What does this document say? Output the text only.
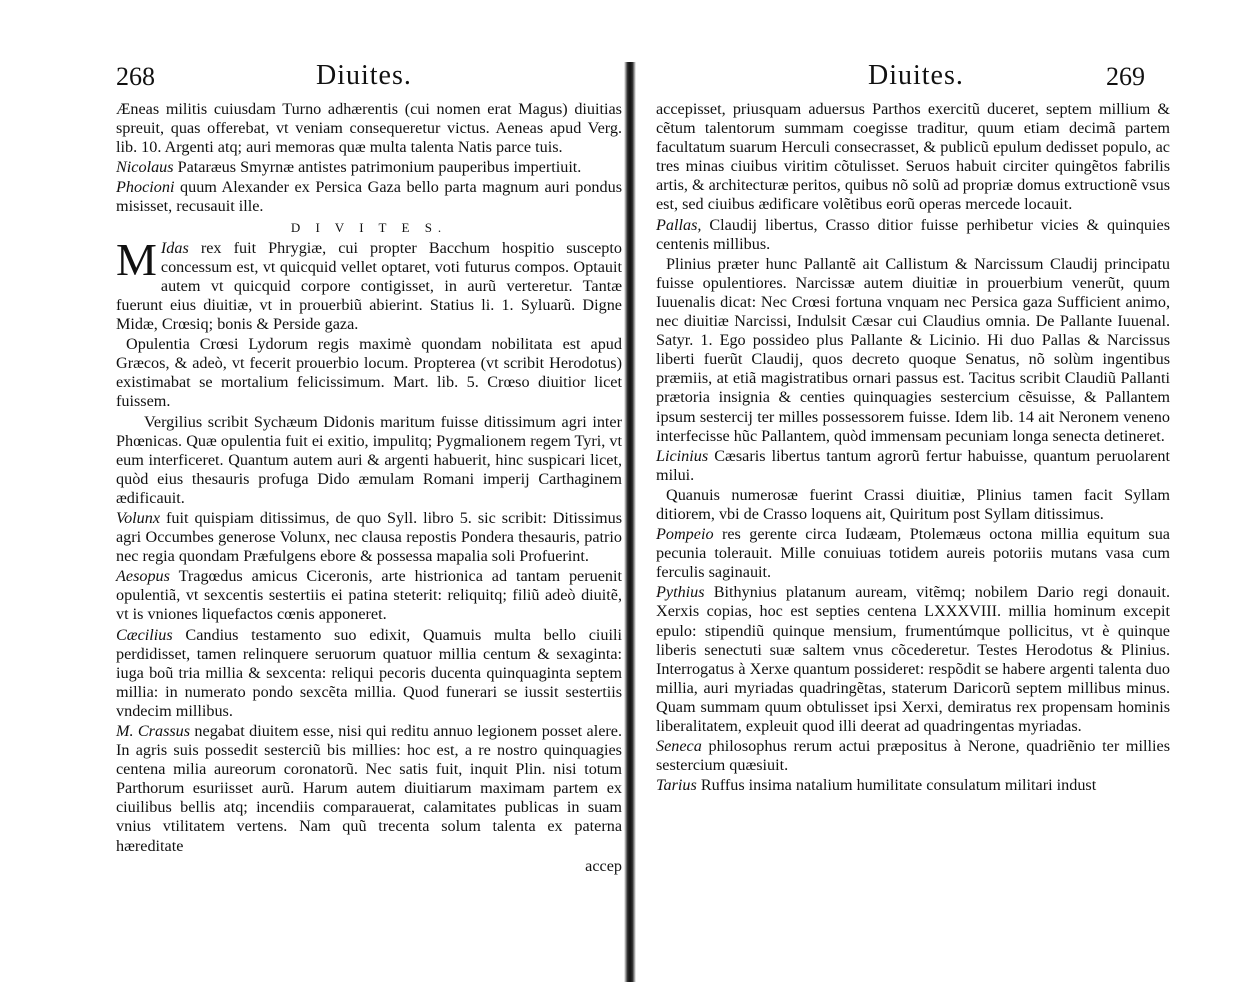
268	Diuites.

Æneas militis cuiusdam Turno adhærentis (cui nomen erat Magus) diuitias spreuit, quas offerebat, vt veniam consequeretur victus. Aeneas apud Verg. lib. 10. Argenti atq; auri memoras quæ multa talenta Natis parce tuis.

Nicolaus Pataræus Smyrnæ antistes patrimonium pauperibus impertiuit.

Phocioni quum Alexander ex Persica Gaza bello parta magnum auri pondus misisset, recusauit ille.

D I V I T E S.

M Idas rex fuit Phrygiæ, cui propter Bacchum hospitio suscepto concessum est, vt quicquid vellet optaret, voti futurus compos. Optauit autem vt quicquid corpore contigisset, in aurũ verteretur. Tantæ fuerunt eius diuitiæ, vt in prouerbiũ abierint. Statius li. 1. Syluarũ. Digne Midæ, Crœsiq; bonis & Perside gaza.

Opulentia Crœsi Lydorum regis maximè quondam nobilitata est apud Græcos, & adeò, vt fecerit prouerbio locum. Propterea (vt scribit Herodotus) existimabat se mortalium felicissimum. Mart. lib. 5. Crœso diuitior licet fuissem.

Vergilius scribit Sychæum Didonis maritum fuisse ditissimum agri inter Phœnicas. Quæ opulentia fuit ei exitio, impulitq; Pygmalionem regem Tyri, vt eum interficeret. Quantum autem auri & argenti habuerit, hinc suspicari licet, quòd eius thesauris profuga Dido æmulam Romani imperij Carthaginem ædificauit.

Volunx fuit quispiam ditissimus, de quo Syll. libro 5. sic scribit: Ditissimus agri Occumbes generose Volunx, nec clausa repostis Pondera thesauris, patrio nec regia quondam Præfulgens ebore & possessa mapalia soli Profuerint.

Aesopus Tragœdus amicus Ciceronis, arte histrionica ad tantam peruenit opulentiã, vt sexcentis sestertiis ei patina steterit: reliquitq; filiũ adeò diuitẽ, vt is vniones liquefactos cœnis apponeret.

Cæcilius Candius testamento suo edixit, Quamuis multa bello ciuili perdidisset, tamen relinquere seruorum quatuor millia centum & sexaginta: iuga boũ tria millia & sexcenta: reliqui pecoris ducenta quinquaginta septem millia: in numerato pondo sexcẽta millia. Quod funerari se iussit sestertiis vndecim millibus.

M. Crassus negabat diuitem esse, nisi qui reditu annuo legionem posset alere. In agris suis possedit sesterciũ bis millies: hoc est, a re nostro quinquagies centena milia aureorum coronatorũ. Nec satis fuit, inquit Plin. nisi totum Parthorum esuriisset aurũ. Harum autem diuitiarum maximam partem ex ciuilibus bellis atq; incendiis comparauerat, calamitates publicas in suam vnius vtilitatem vertens. Nam quũ trecenta solum talenta ex paterna hæreditate

accep
Diuites.	269

accepisset, priusquam aduersus Parthos exercitũ duceret, septem millium & cẽtum talentorum summam coegisse traditur, quum etiam decimã partem facultatum suarum Herculi consecrasset, & publicũ epulum dedisset populo, ac tres minas ciuibus viritim cõtulisset. Seruos habuit circiter quingẽtos fabrilis artis, & architecturæ peritos, quibus nõ solũ ad propriæ domus extructionẽ vsus est, sed ciuibus ædificare volẽtibus eorũ operas mercede locauit.

Pallas, Claudij libertus, Crasso ditior fuisse perhibetur vicies & quinquies centenis millibus.

Plinius præter hunc Pallantẽ ait Callistum & Narcissum Claudij principatu fuisse opulentiores. Narcissæ autem diuitiæ in prouerbium venerũt, quum Iuuenalis dicat: Nec Crœsi fortuna vnquam nec Persica gaza Sufficient animo, nec diuitiæ Narcissi, Indulsit Cæsar cui Claudius omnia. De Pallante Iuuenal. Satyr. 1. Ego possideo plus Pallante & Licinio. Hi duo Pallas & Narcissus liberti fuerũt Claudij, quos decreto quoque Senatus, nõ solùm ingentibus præmiis, at etiã magistratibus ornari passus est. Tacitus scribit Claudiũ Pallanti prætoria insignia & centies quinquagies sestercium cẽsuisse, & Pallantem ipsum sestercij ter milles possessorem fuisse. Idem lib. 14 ait Neronem veneno interfecisse hũc Pallantem, quòd immensam pecuniam longa senecta detineret.

Licinius Cæsaris libertus tantum agrorũ fertur habuisse, quantum peruolarent milui.

Quanuis numerosæ fuerint Crassi diuitiæ, Plinius tamen facit Syllam ditiorem, vbi de Crasso loquens ait, Quiritum post Syllam ditissimus.

Pompeio res gerente circa Iudæam, Ptolemæus octona millia equitum sua pecunia tolerauit. Mille conuiuas totidem aureis potoriis mutans vasa cum ferculis saginauit.

Pythius Bithynius platanum auream, vitẽmq; nobilem Dario regi donauit. Xerxis copias, hoc est septies centena LXXXVIII. millia hominum excepit epulo: stipendiũ quinque mensium, frumentúmque pollicitus, vt è quinque liberis senectuti suæ saltem vnus cõcederetur. Testes Herodotus & Plinius. Interrogatus à Xerxe quantum possideret: respõdit se habere argenti talenta duo millia, auri myriadas quadringẽtas, staterum Daricorũ septem millibus minus. Quam summam quum obtulisset ipsi Xerxi, demiratus rex propensam hominis liberalitatem, expleuit quod illi deerat ad quadringentas myriadas.

Seneca philosophus rerum actui præpositus à Nerone, quadriẽnio ter millies sestercium quæsiuit.

Tarius Ruffus insima natalium humilitate consulatum militari indust
